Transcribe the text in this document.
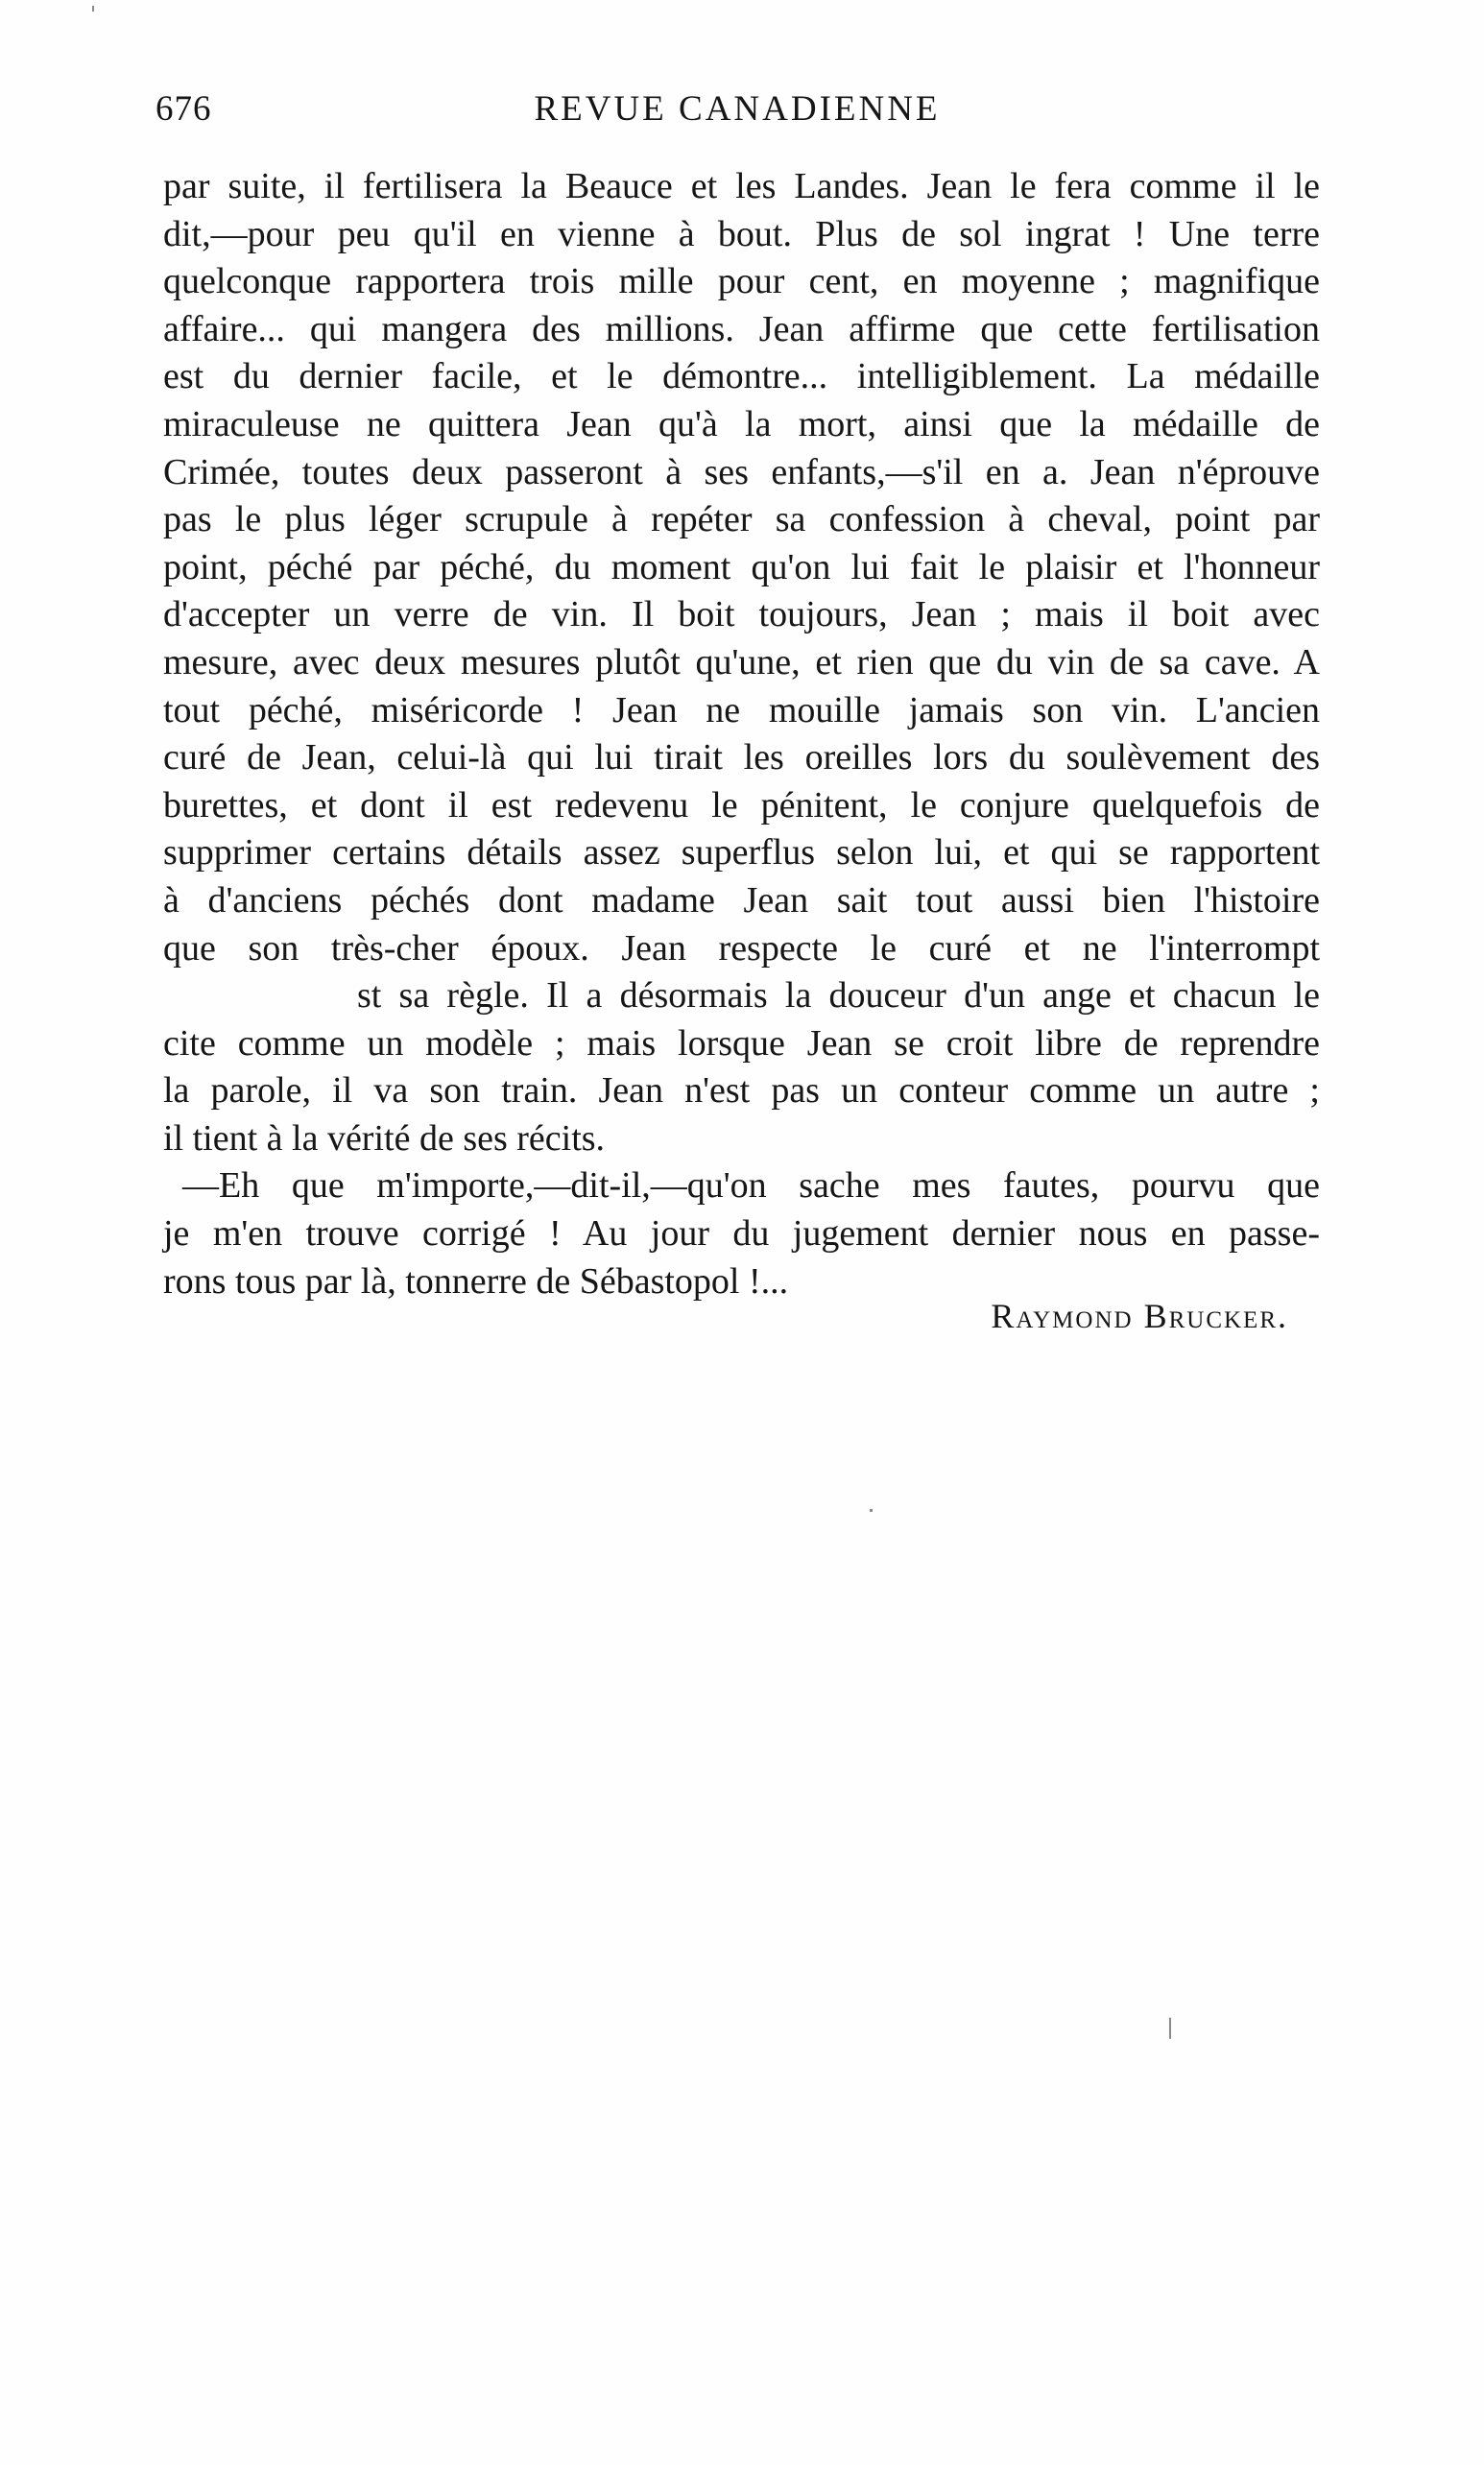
676	REVUE CANADIENNE
par suite, il fertilisera la Beauce et les Landes. Jean le fera comme il le
dit,—pour peu qu'il en vienne à bout. Plus de sol ingrat ! Une terre
quelconque rapportera trois mille pour cent, en moyenne ; magnifique
affaire... qui mangera des millions. Jean affirme que cette fertilisation
est du dernier facile, et le démontre... intelligiblement. La médaille
miraculeuse ne quittera Jean qu'à la mort, ainsi que la médaille de
Crimée, toutes deux passeront à ses enfants,—s'il en a. Jean n'éprouve
pas le plus léger scrupule à repéter sa confession à cheval, point par
point, péché par péché, du moment qu'on lui fait le plaisir et l'honneur
d'accepter un verre de vin. Il boit toujours, Jean ; mais il boit avec
mesure, avec deux mesures plutôt qu'une, et rien que du vin de sa cave. A
tout péché, miséricorde ! Jean ne mouille jamais son vin. L'ancien
curé de Jean, celui-là qui lui tirait les oreilles lors du soulèvement des
burettes, et dont il est redevenu le pénitent, le conjure quelquefois de
supprimer certains détails assez superflus selon lui, et qui se rapportent
à d'anciens péchés dont madame Jean sait tout aussi bien l'histoire
que son très-cher époux. Jean respecte le curé et ne l'interrompt
st sa règle. Il a désormais la douceur d'un ange et chacun le
cite comme un modèle ; mais lorsque Jean se croit libre de reprendre
la parole, il va son train. Jean n'est pas un conteur comme un autre ;
il tient à la vérité de ses récits.
—Eh que m'importe,—dit-il,—qu'on sache mes fautes, pourvu que
je m'en trouve corrigé ! Au jour du jugement dernier nous en passe-
rons tous par là, tonnerre de Sébastopol !...
Raymond Brucker.
